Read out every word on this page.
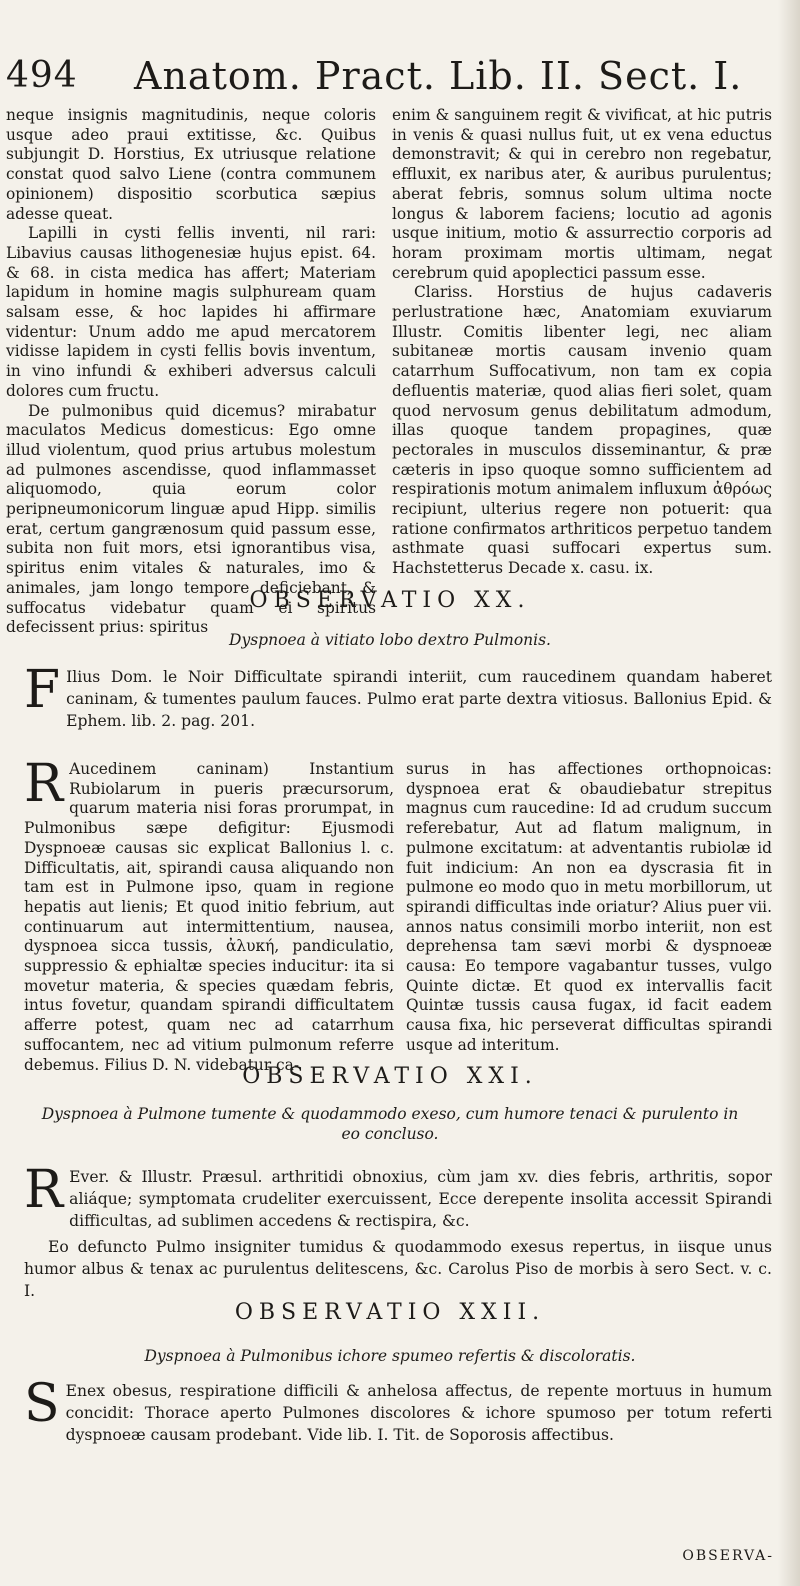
494 Anatom. Pract. Lib. II. Sect. I.

neque insignis magnitudinis, neque coloris usque adeo praui extitisse, &c. Quibus subjungit D. Horstius, Ex utriusque relatione constat quod salvo Liene (contra communem opinionem) dispositio scorbutica sæpius adesse queat.

Lapilli in cysti fellis inventi, nil rari: Libavius causas lithogenesiæ hujus epist. 64. & 68. in cista medica has affert; Materiam lapidum in homine magis sulphuream quam salsam esse, & hoc lapides hi affirmare videntur: Unum addo me apud mercatorem vidisse lapidem in cysti fellis bovis inventum, in vino infundi & exhiberi adversus calculi dolores cum fructu.

De pulmonibus quid dicemus? mirabatur maculatos Medicus domesticus: Ego omne illud violentum, quod prius artubus molestum ad pulmones ascendisse, quod inflammasset aliquomodo, quia eorum color peripneumonicorum linguæ apud Hipp. similis erat, certum gangrænosum quid passum esse, subita non fuit mors, etsi ignorantibus visa, spiritus enim vitales & naturales, imo & animales, jam longo tempore deficiebant, & suffocatus videbatur quam ei spiritus defecissent prius: spiritus

enim & sanguinem regit & vivificat, at hic putris in venis & quasi nullus fuit, ut ex vena eductus demonstravit; & qui in cerebro non regebatur, effluxit, ex naribus ater, & auribus purulentus; aberat febris, somnus solum ultima nocte longus & laborem faciens; locutio ad agonis usque initium, motio & assurrectio corporis ad horam proximam mortis ultimam, negat cerebrum quid apoplectici passum esse.

Clariss. Horstius de hujus cadaveris perlustratione hæc, Anatomiam exuviarum Illustr. Comitis libenter legi, nec aliam subitaneæ mortis causam invenio quam catarrhum Suffocativum, non tam ex copia defluentis materiæ, quod alias fieri solet, quam quod nervosum genus debilitatum admodum, illas quoque tandem propagines, quæ pectorales in musculos disseminantur, & præ cæteris in ipso quoque somno sufficientem ad respirationis motum animalem influxum ἀθρόως recipiunt, ulterius regere non potuerit: qua ratione confirmatos arthriticos perpetuo tandem asthmate quasi suffocari expertus sum. Hachstetterus Decade x. casu. ix.

OBSERVATIO XX.
Dyspnoea à vitiato lobo dextro Pulmonis.
F Ilius Dom. le Noir Difficultate spirandi interiit, cum raucedinem quandam haberet caninam, & tumentes paulum fauces. Pulmo erat parte dextra vitiosus. Ballonius Epid. & Ephem. lib. 2. pag. 201.

R Aucedinem caninam) Instantium Rubiolarum in pueris præcursorum, quarum materia nisi foras prorumpat, in Pulmonibus sæpe defigitur: Ejusmodi Dyspnoeæ causas sic explicat Ballonius l. c. Difficultatis, ait, spirandi causa aliquando non tam est in Pulmone ipso, quam in regione hepatis aut lienis; Et quod initio febrium, aut continuarum aut intermittentium, nausea, dyspnoea sicca tussis, ἀλυκή, pandiculatio, suppressio & ephialtæ species inducitur: ita si movetur materia, & species quædam febris, intus fovetur, quandam spirandi difficultatem afferre potest, quam nec ad catarrhum suffocantem, nec ad vitium pulmonum referre debemus. Filius D. N. videbatur ca-

surus in has affectiones orthopnoicas: dyspnoea erat & obaudiebatur strepitus magnus cum raucedine: Id ad crudum succum referebatur, Aut ad flatum malignum, in pulmone excitatum: at adventantis rubiolæ id fuit indicium: An non ea dyscrasia fit in pulmone eo modo quo in metu morbillorum, ut spirandi difficultas inde oriatur? Alius puer vii. annos natus consimili morbo interiit, non est deprehensa tam sævi morbi & dyspnoeæ causa: Eo tempore vagabantur tusses, vulgo Quinte dictæ. Et quod ex intervallis facit Quintæ tussis causa fugax, id facit eadem causa fixa, hic perseverat difficultas spirandi usque ad interitum.

OBSERVATIO XXI.
Dyspnoea à Pulmone tumente & quodammodo exeso, cum humore tenaci & purulento in eo concluso.
R Ever. & Illustr. Præsul. arthritidi obnoxius, cùm jam xv. dies febris, arthritis, sopor aliáque; symptomata crudeliter exercuissent, Ecce derepente insolita accessit Spirandi difficultas, ad sublimen accedens & rectispira, &c.
Eo defuncto Pulmo insigniter tumidus & quodammodo exesus repertus, in iisque unus humor albus & tenax ac purulentus delitescens, &c. Carolus Piso de morbis à sero Sect. v. c. I.
OBSERVATIO XXII.
Dyspnoea à Pulmonibus ichore spumeo refertis & discoloratis.
S Enex obesus, respiratione difficili & anhelosa affectus, de repente mortuus in humum concidit: Thorace aperto Pulmones discolores & ichore spumoso per totum referti dyspnoeæ causam prodebant. Vide lib. I. Tit. de Soporosis affectibus.
OBSERVA-
